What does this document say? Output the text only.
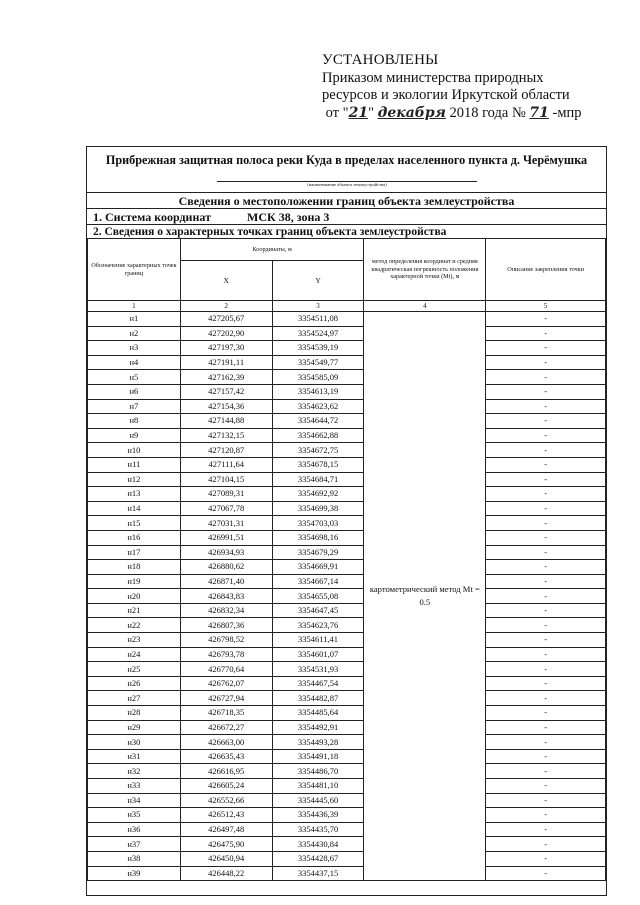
УСТАНОВЛЕНЫ
Приказом министерства природных
ресурсов и экологии Иркутской области
от "21" декабря 2018 года № 71 -мпр
Прибрежная защитная полоса реки Куда в пределах населенного пункта д. Черёмушка
(наименование объекта землеустройства)
Сведения о местоположении границ объекта землеустройства
1. Система координат	МСК 38, зона 3
2. Сведения о характерных точках границ объекта землеустройства
Обозначение характерных точек границ	Координаты, м		метод определения координат и средняя квадратическая погрешность положения характерной точки (Mt), м	Описание закрепления точки
	X	Y		
1	2	3	4	5
н1	427205,67	3354511,08	картометрический метод Mt = 0.5	-
н2	427202,90	3354524,97		-
н3	427197,30	3354539,19		-
н4	427191,11	3354549,77		-
н5	427162,39	3354585,09		-
н6	427157,42	3354613,19		-
н7	427154,36	3354623,62		-
н8	427144,88	3354644,72		-
н9	427132,15	3354662,88		-
н10	427120,87	3354672,75		-
н11	427111,64	3354678,15		-
н12	427104,15	3354684,71		-
н13	427089,31	3354692,92		-
н14	427067,78	3354699,38		-
н15	427031,31	3354703,03		-
н16	426991,51	3354698,16		-
н17	426934,93	3354679,29		-
н18	426880,62	3354669,91		-
н19	426871,40	3354667,14		-
н20	426843,83	3354655,08		-
н21	426832,34	3354647,45		-
н22	426807,36	3354623,76		-
н23	426798,52	3354611,41		-
н24	426793,78	3354601,07		-
н25	426770,64	3354531,93		-
н26	426762,07	3354467,54		-
н27	426727,94	3354482,87		-
н28	426718,35	3354485,64		-
н29	426672,27	3354492,91		-
н30	426663,00	3354493,28		-
н31	426635,43	3354491,18		-
н32	426616,95	3354486,70		-
н33	426605,24	3354481,10		-
н34	426552,66	3354445,60		-
н35	426512,43	3354436,39		-
н36	426497,48	3354435,70		-
н37	426475,90	3354430,84		-
н38	426450,94	3354428,67		-
н39	426448,22	3354437,15		-
